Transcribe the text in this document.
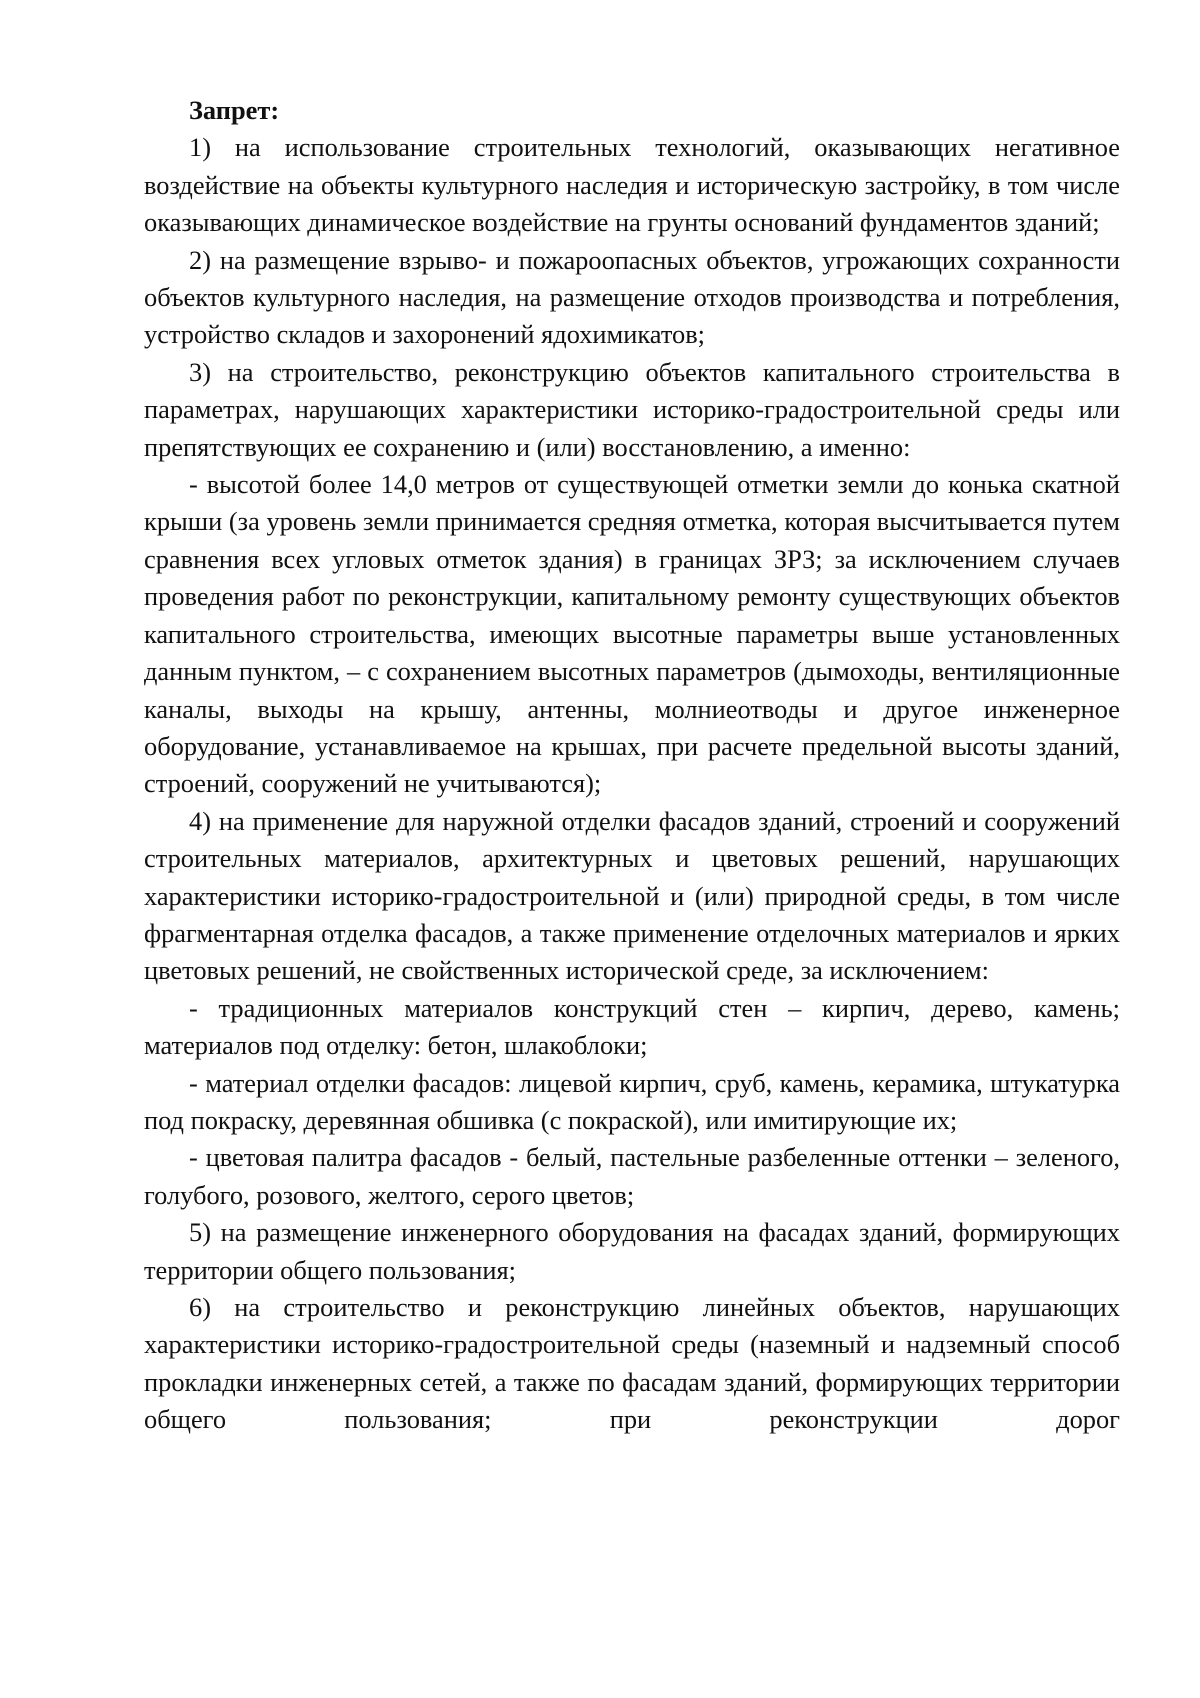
Запрет:

1) на использование строительных технологий, оказывающих негативное воздействие на объекты культурного наследия и историческую застройку, в том числе оказывающих динамическое воздействие на грунты оснований фундаментов зданий;

2) на размещение взрыво- и пожароопасных объектов, угрожающих сохранности объектов культурного наследия, на размещение отходов производства и потребления, устройство складов и захоронений ядохимикатов;

3) на строительство, реконструкцию объектов капитального строительства в параметрах, нарушающих характеристики историко-градостроительной среды или препятствующих ее сохранению и (или) восстановлению, а именно:

- высотой более 14,0 метров от существующей отметки земли до конька скатной крыши (за уровень земли принимается средняя отметка, которая высчитывается путем сравнения всех угловых отметок здания) в границах ЗРЗ; за исключением случаев проведения работ по реконструкции, капитальному ремонту существующих объектов капитального строительства, имеющих высотные параметры выше установленных данным пунктом, – с сохранением высотных параметров (дымоходы, вентиляционные каналы, выходы на крышу, антенны, молниеотводы и другое инженерное оборудование, устанавливаемое на крышах, при расчете предельной высоты зданий, строений, сооружений не учитываются);

4) на применение для наружной отделки фасадов зданий, строений и сооружений строительных материалов, архитектурных и цветовых решений, нарушающих характеристики историко-градостроительной и (или) природной среды, в том числе фрагментарная отделка фасадов, а также применение отделочных материалов и ярких цветовых решений, не свойственных исторической среде, за исключением:

- традиционных материалов конструкций стен – кирпич, дерево, камень; материалов под отделку: бетон, шлакоблоки;

- материал отделки фасадов: лицевой кирпич, сруб, камень, керамика, штукатурка под покраску, деревянная обшивка (с покраской), или имитирующие их;

- цветовая палитра фасадов - белый, пастельные разбеленные оттенки – зеленого, голубого, розового, желтого, серого цветов;

5) на размещение инженерного оборудования на фасадах зданий, формирующих территории общего пользования;

6) на строительство и реконструкцию линейных объектов, нарушающих характеристики историко-градостроительной среды (наземный и надземный способ прокладки инженерных сетей, а также по фасадам зданий, формирующих территории общего пользования; при реконструкции дорог
